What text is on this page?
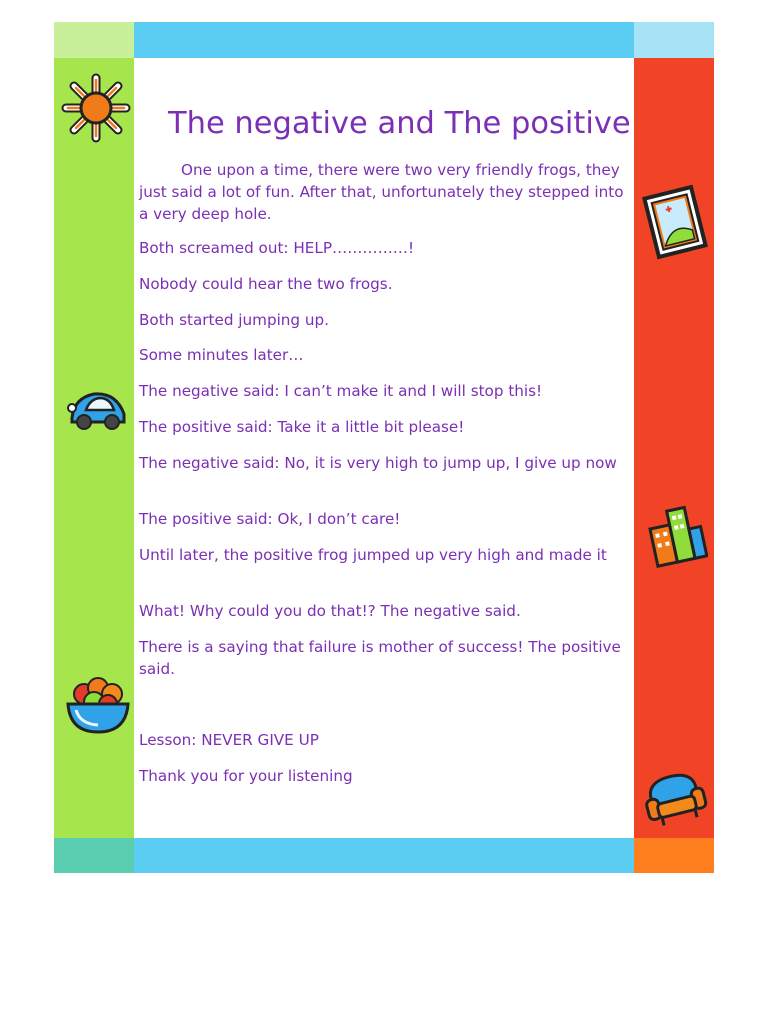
The negative and The positive

One upon a time, there were two very friendly frogs, they just said a lot of fun. After that, unfortunately they stepped into a very deep hole.

Both screamed out: HELP……………!

Nobody could hear the two frogs.

Both started jumping up.

Some minutes later…

The negative said: I can’t make it and I will stop this!

The positive said: Take it a little bit please!

The negative said: No, it is very high to jump up, I give up now

The positive said: Ok, I don’t care!

Until later, the positive frog jumped up very high and made it

What! Why could you do that!? The negative said.

There is a saying that failure is mother of success! The positive said.

Lesson: NEVER GIVE UP

Thank you for your listening
